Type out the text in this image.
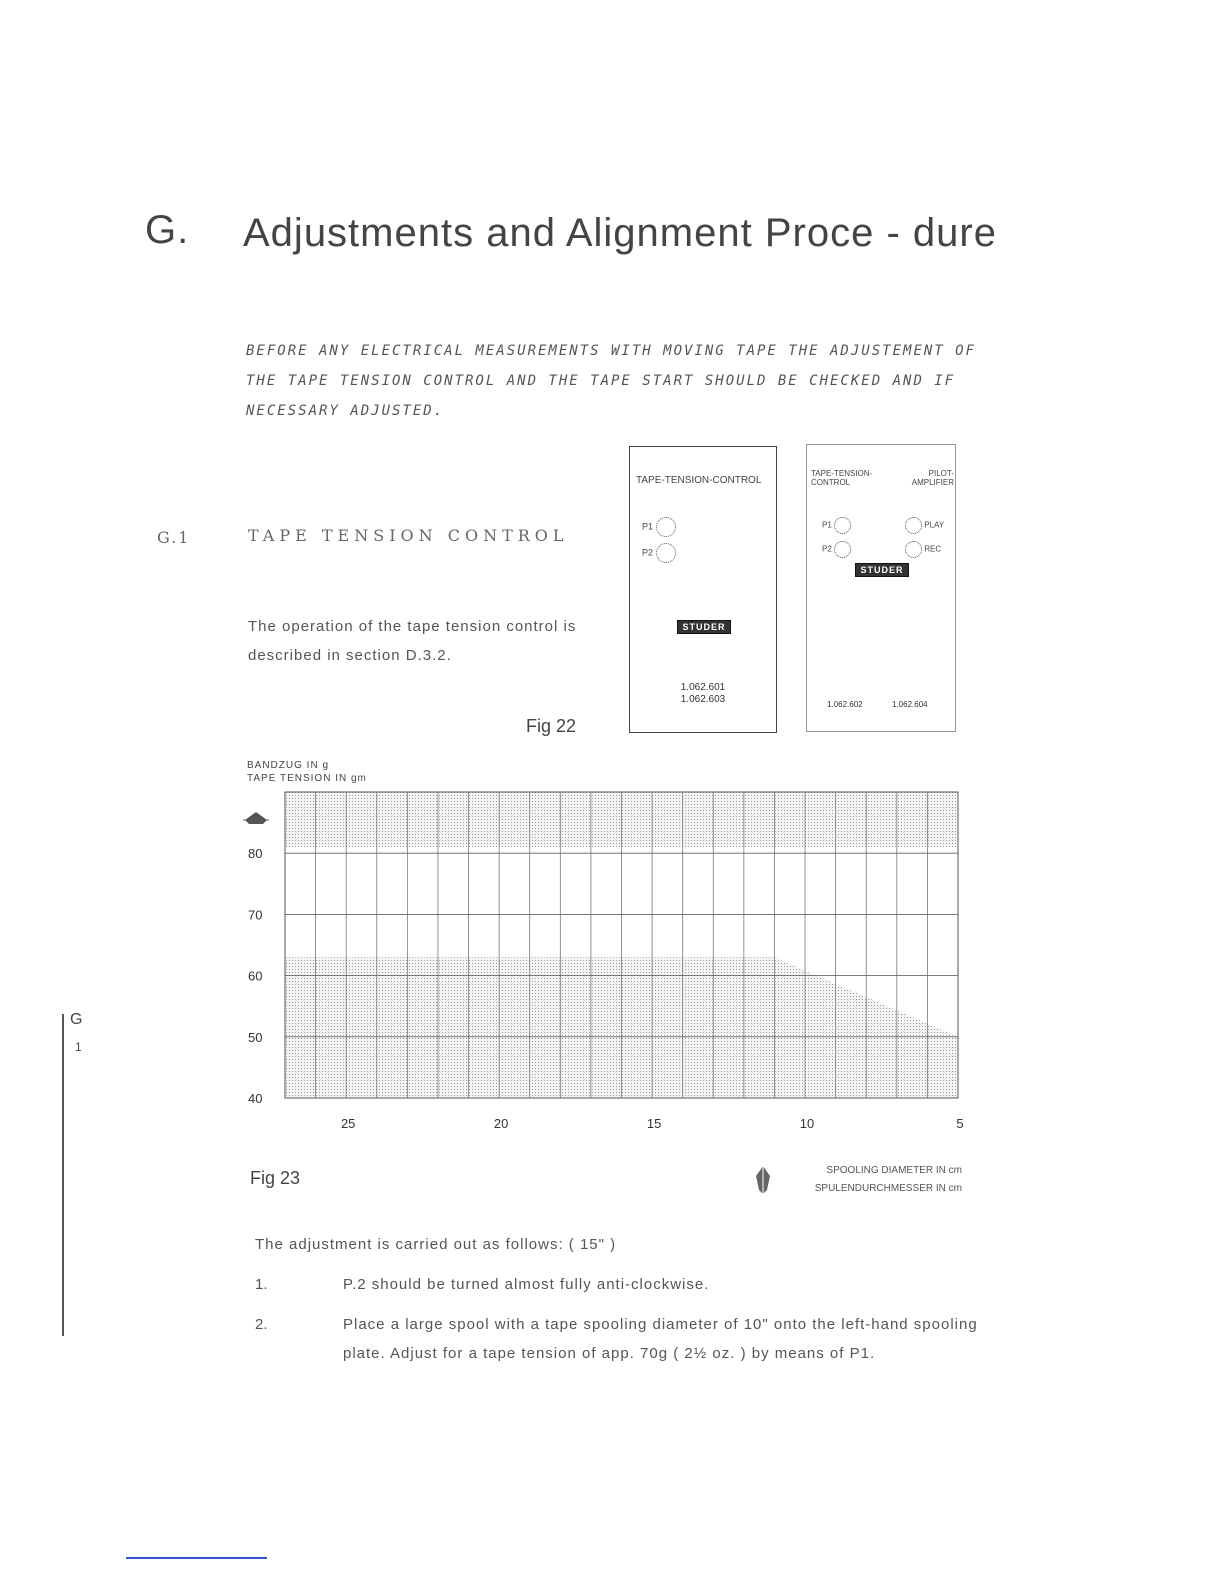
G. Adjustments and Alignment Proce - dure
BEFORE ANY ELECTRICAL MEASUREMENTS WITH MOVING TAPE THE ADJUSTEMENT OF THE TAPE TENSION CONTROL AND THE TAPE START SHOULD BE CHECKED AND IF NECESSARY ADJUSTED.
G.1	TAPE TENSION CONTROL
The operation of the tape tension control is described in section D.3.2.
Fig 22
TAPE-TENSION-CONTROL
P1
P2
STUDER
1.062.601
1.062.603
TAPE-TENSION-CONTROL
PILOT-AMPLIFIER
P1
P2
PLAY
REC
STUDER
1.062.602	1.062.604
BANDZUG IN g
TAPE TENSION IN gm
80
70
60
50
40
25	20	15	10	5
Fig 23	SPOOLING DIAMETER IN cm
SPULENDURCHMESSER IN cm
The adjustment is carried out as follows: ( 15" )
1.	P.2 should be turned almost fully anti-clockwise.
2.	Place a large spool with a tape spooling diameter of 10" onto the left-hand spooling plate. Adjust for a tape tension of app. 70g ( 2½ oz. ) by means of P1.
G
1
